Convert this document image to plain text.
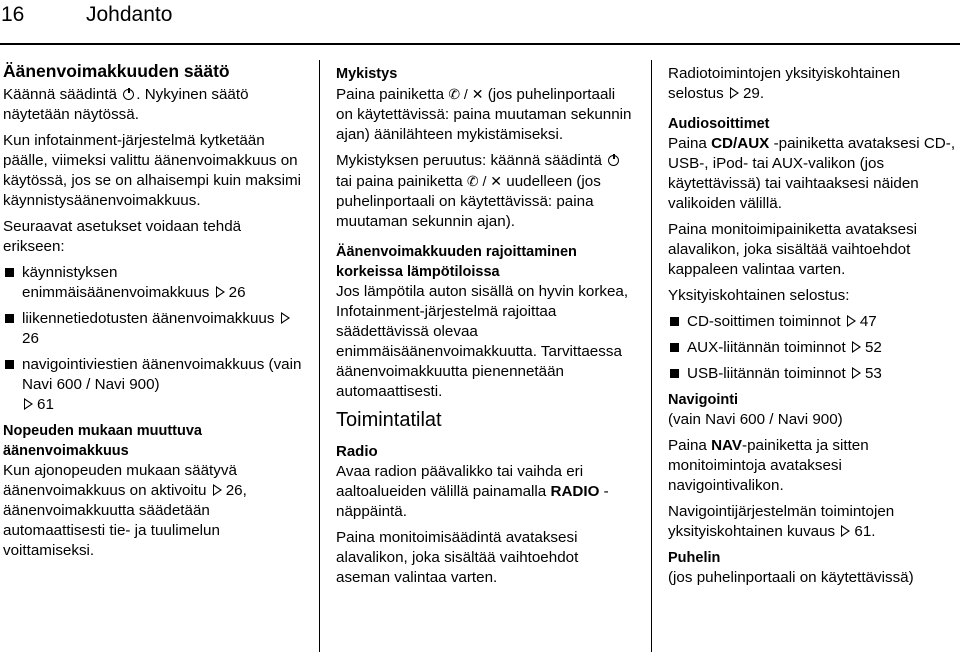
16	Johdanto
Äänenvoimakkuuden säätö

Käännä säädintä . Nykyinen säätö näytetään näytössä.

Kun infotainment-järjestelmä kytketään päälle, viimeksi valittu äänenvoimakkuus on käytössä, jos se on alhaisempi kuin maksimi käynnistysäänenvoimakkuus.

Seuraavat asetukset voidaan tehdä erikseen:

käynnistyksen enimmäisäänenvoimakkuus 26
liikennetiedotusten äänenvoimakkuus 26
navigointiviestien äänenvoimakkuus (vain Navi 600 / Navi 900)
61
Nopeuden mukaan muuttuva äänenvoimakkuus

Kun ajonopeuden mukaan säätyvä äänenvoimakkuus on aktivoitu 26, äänenvoimakkuutta säädetään automaattisesti tie- ja tuulimelun voittamiseksi.

Mykistys

Paina painiketta ✆ / ✕ (jos puhelinportaali on käytettävissä: paina muutaman sekunnin ajan) äänilähteen mykistämiseksi.

Mykistyksen peruutus: käännä säädintä  tai paina painiketta ✆ / ✕ uudelleen (jos puhelinportaali on käytettävissä: paina muutaman sekunnin ajan).

Äänenvoimakkuuden rajoittaminen korkeissa lämpötiloissa

Jos lämpötila auton sisällä on hyvin korkea, Infotainment-järjestelmä rajoittaa säädettävissä olevaa enimmäisäänenvoimakkuutta. Tarvittaessa äänenvoimakkuutta pienennetään automaattisesti.

Toimintatilat
Radio

Avaa radion päävalikko tai vaihda eri aaltoalueiden välillä painamalla RADIO -näppäintä.

Paina monitoimisäädintä avataksesi alavalikon, joka sisältää vaihtoehdot aseman valintaa varten.

Radiotoimintojen yksityiskohtainen selostus 29.

Audiosoittimet

Paina CD/AUX -painiketta avataksesi CD-, USB-, iPod- tai AUX-valikon (jos käytettävissä) tai vaihtaaksesi näiden valikoiden välillä.

Paina monitoimipainiketta avataksesi alavalikon, joka sisältää vaihtoehdot kappaleen valintaa varten.

Yksityiskohtainen selostus:

CD-soittimen toiminnot 47
AUX-liitännän toiminnot 52
USB-liitännän toiminnot 53
Navigointi

(vain Navi 600 / Navi 900)

Paina NAV-painiketta ja sitten monitoimintoja avataksesi navigointivalikon.

Navigointijärjestelmän toimintojen yksityiskohtainen kuvaus 61.

Puhelin

(jos puhelinportaali on käytettävissä)
